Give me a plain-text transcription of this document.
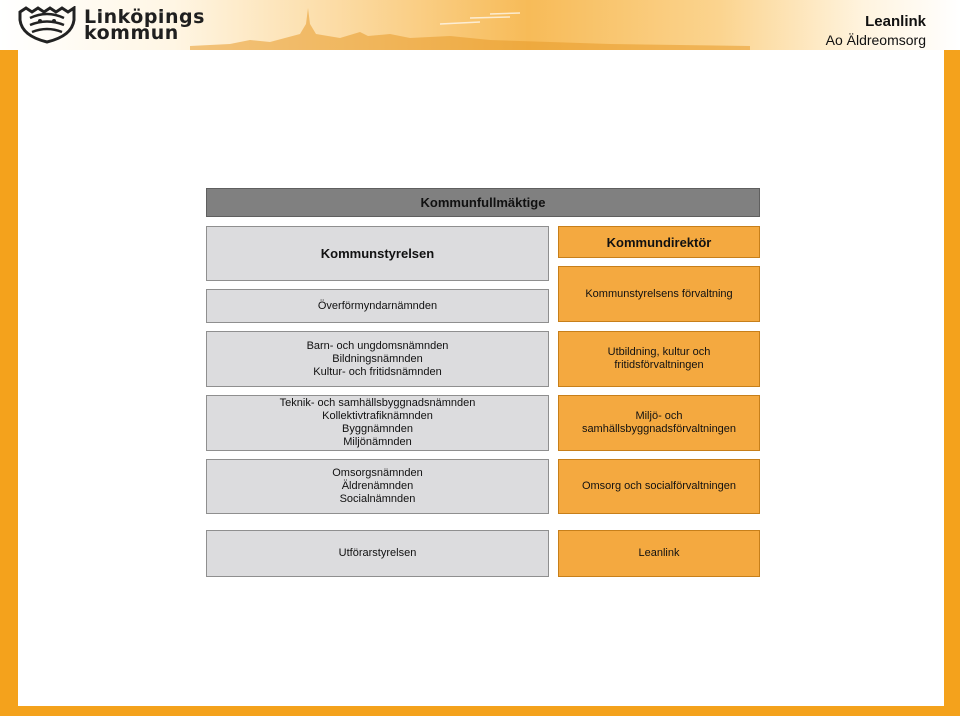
Linköpings
kommun
Leanlink
Ao Äldreomsorg
Kommunfullmäktige
Kommunstyrelsen
Överförmyndarnämnden
Barn- och ungdomsnämnden
Bildningsnämnden
Kultur- och fritidsnämnden
Teknik- och samhällsbyggnadsnämnden
Kollektivtrafiknämnden
Byggnämnden
Miljönämnden
Omsorgsnämnden
Äldrenämnden
Socialnämnden
Utförarstyrelsen
Kommundirektör
Kommunstyrelsens förvaltning
Utbildning, kultur och
fritidsförvaltningen
Miljö- och
samhällsbyggnadsförvaltningen
Omsorg och socialförvaltningen
Leanlink
